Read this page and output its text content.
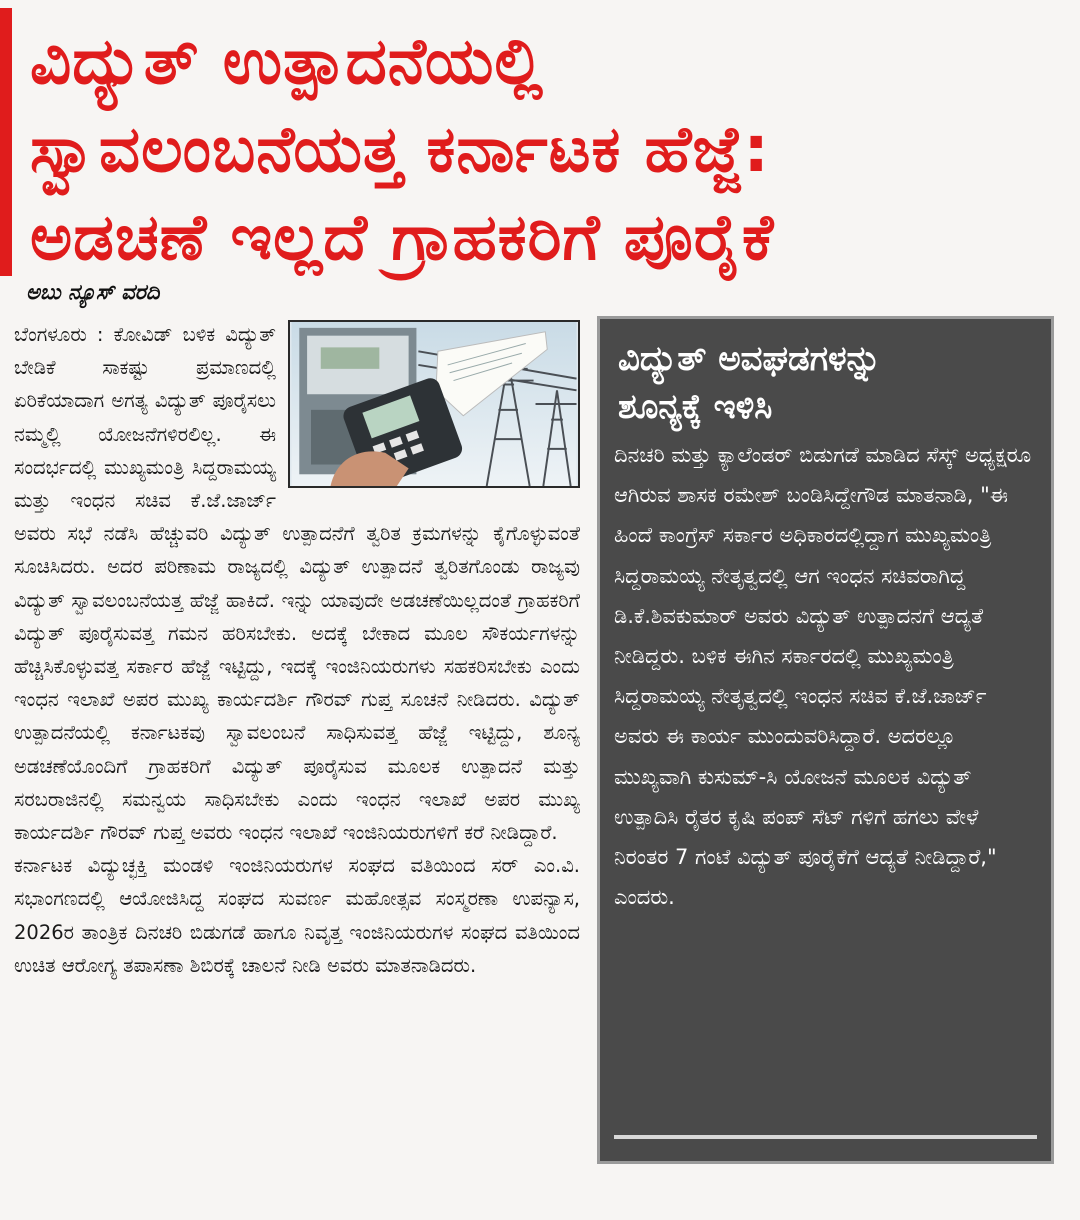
ವಿದ್ಯುತ್ ಉತ್ಪಾದನೆಯಲ್ಲಿ
ಸ್ವಾವಲಂಬನೆಯತ್ತ ಕರ್ನಾಟಕ ಹೆಜ್ಜೆ:
ಅಡಚಣೆ ಇಲ್ಲದೆ ಗ್ರಾಹಕರಿಗೆ ಪೂರೈಕೆ
ಅಬು ನ್ಯೂಸ್ ವರದಿ

ಬೆಂಗಳೂರು : ಕೋವಿಡ್ ಬಳಿಕ ವಿದ್ಯುತ್ ಬೇಡಿಕೆ ಸಾಕಷ್ಟು ಪ್ರಮಾಣದಲ್ಲಿ ಏರಿಕೆಯಾದಾಗ ಅಗತ್ಯ ವಿದ್ಯುತ್ ಪೂರೈಸಲು ನಮ್ಮಲ್ಲಿ ಯೋಜನೆಗಳಿರಲಿಲ್ಲ. ಈ ಸಂದರ್ಭದಲ್ಲಿ ಮುಖ್ಯಮಂತ್ರಿ ಸಿದ್ದರಾಮಯ್ಯ ಮತ್ತು ಇಂಧನ ಸಚಿವ ಕೆ.ಜೆ.ಜಾರ್ಜ್ ಅವರು ಸಭೆ ನಡೆಸಿ ಹೆಚ್ಚುವರಿ ವಿದ್ಯುತ್ ಉತ್ಪಾದನೆಗೆ ತ್ವರಿತ ಕ್ರಮಗಳನ್ನು ಕೈಗೊಳ್ಳುವಂತೆ ಸೂಚಿಸಿದರು. ಅದರ ಪರಿಣಾಮ ರಾಜ್ಯದಲ್ಲಿ ವಿದ್ಯುತ್ ಉತ್ಪಾದನೆ ತ್ವರಿತಗೊಂಡು ರಾಜ್ಯವು ವಿದ್ಯುತ್ ಸ್ವಾವಲಂಬನೆಯತ್ತ ಹೆಜ್ಜೆ ಹಾಕಿದೆ. ಇನ್ನು ಯಾವುದೇ ಅಡಚಣೆಯಿಲ್ಲದಂತೆ ಗ್ರಾಹಕರಿಗೆ ವಿದ್ಯುತ್ ಪೂರೈಸುವತ್ತ ಗಮನ ಹರಿಸಬೇಕು. ಅದಕ್ಕೆ ಬೇಕಾದ ಮೂಲ ಸೌಕರ್ಯಗಳನ್ನು ಹೆಚ್ಚಿಸಿಕೊಳ್ಳುವತ್ತ ಸರ್ಕಾರ ಹೆಜ್ಜೆ ಇಟ್ಟಿದ್ದು, ಇದಕ್ಕೆ ಇಂಜಿನಿಯರುಗಳು ಸಹಕರಿಸಬೇಕು ಎಂದು ಇಂಧನ ಇಲಾಖೆ ಅಪರ ಮುಖ್ಯ ಕಾರ್ಯದರ್ಶಿ ಗೌರವ್ ಗುಪ್ತ ಸೂಚನೆ ನೀಡಿದರು. ವಿದ್ಯುತ್ ಉತ್ಪಾದನೆಯಲ್ಲಿ ಕರ್ನಾಟಕವು ಸ್ವಾವಲಂಬನೆ ಸಾಧಿಸುವತ್ತ ಹೆಜ್ಜೆ ಇಟ್ಟಿದ್ದು, ಶೂನ್ಯ ಅಡಚಣೆಯೊಂದಿಗೆ ಗ್ರಾಹಕರಿಗೆ ವಿದ್ಯುತ್ ಪೂರೈಸುವ ಮೂಲಕ ಉತ್ಪಾದನೆ ಮತ್ತು ಸರಬರಾಜಿನಲ್ಲಿ ಸಮನ್ವಯ ಸಾಧಿಸಬೇಕು ಎಂದು ಇಂಧನ ಇಲಾಖೆ ಅಪರ ಮುಖ್ಯ ಕಾರ್ಯದರ್ಶಿ ಗೌರವ್ ಗುಪ್ತ ಅವರು ಇಂಧನ ಇಲಾಖೆ ಇಂಜಿನಿಯರುಗಳಿಗೆ ಕರೆ ನೀಡಿದ್ದಾರೆ.

ಕರ್ನಾಟಕ ವಿದ್ಯುಚ್ಛಕ್ತಿ ಮಂಡಳಿ ಇಂಜಿನಿಯರುಗಳ ಸಂಘದ ವತಿಯಿಂದ ಸರ್ ಎಂ.ವಿ. ಸಭಾಂಗಣದಲ್ಲಿ ಆಯೋಜಿಸಿದ್ದ ಸಂಘದ ಸುವರ್ಣ ಮಹೋತ್ಸವ ಸಂಸ್ಮರಣಾ ಉಪನ್ಯಾಸ, 2026ರ ತಾಂತ್ರಿಕ ದಿನಚರಿ ಬಿಡುಗಡೆ ಹಾಗೂ ನಿವೃತ್ತ ಇಂಜಿನಿಯರುಗಳ ಸಂಘದ ವತಿಯಿಂದ ಉಚಿತ ಆರೋಗ್ಯ ತಪಾಸಣಾ ಶಿಬಿರಕ್ಕೆ ಚಾಲನೆ ನೀಡಿ ಅವರು ಮಾತನಾಡಿದರು.

ವಿದ್ಯುತ್ ಅವಘಡಗಳನ್ನು
ಶೂನ್ಯಕ್ಕೆ ಇಳಿಸಿ
ದಿನಚರಿ ಮತ್ತು ಕ್ಯಾಲೆಂಡರ್ ಬಿಡುಗಡೆ ಮಾಡಿದ ಸೆಸ್ಕ್ ಅಧ್ಯಕ್ಷರೂ ಆಗಿರುವ ಶಾಸಕ ರಮೇಶ್ ಬಂಡಿಸಿದ್ದೇಗೌಡ ಮಾತನಾಡಿ, "ಈ ಹಿಂದೆ ಕಾಂಗ್ರೆಸ್ ಸರ್ಕಾರ ಅಧಿಕಾರದಲ್ಲಿದ್ದಾಗ ಮುಖ್ಯಮಂತ್ರಿ ಸಿದ್ದರಾಮಯ್ಯ ನೇತೃತ್ವದಲ್ಲಿ ಆಗ ಇಂಧನ ಸಚಿವರಾಗಿದ್ದ ಡಿ.ಕೆ.ಶಿವಕುಮಾರ್ ಅವರು ವಿದ್ಯುತ್ ಉತ್ಪಾದನಗೆ ಆದ್ಯತೆ ನೀಡಿದ್ದರು. ಬಳಿಕ ಈಗಿನ ಸರ್ಕಾರದಲ್ಲಿ ಮುಖ್ಯಮಂತ್ರಿ ಸಿದ್ದರಾಮಯ್ಯ ನೇತೃತ್ವದಲ್ಲಿ ಇಂಧನ ಸಚಿವ ಕೆ.ಜೆ.ಜಾರ್ಜ್ ಅವರು ಈ ಕಾರ್ಯ ಮುಂದುವರಿಸಿದ್ದಾರೆ. ಅದರಲ್ಲೂ ಮುಖ್ಯವಾಗಿ ಕುಸುಮ್-ಸಿ ಯೋಜನೆ ಮೂಲಕ ವಿದ್ಯುತ್ ಉತ್ಪಾದಿಸಿ ರೈತರ ಕೃಷಿ ಪಂಪ್ ಸೆಟ್ ಗಳಿಗೆ ಹಗಲು ವೇಳೆ ನಿರಂತರ 7 ಗಂಟೆ ವಿದ್ಯುತ್ ಪೂರೈಕೆಗೆ ಆದ್ಯತೆ ನೀಡಿದ್ದಾರೆ," ಎಂದರು.
